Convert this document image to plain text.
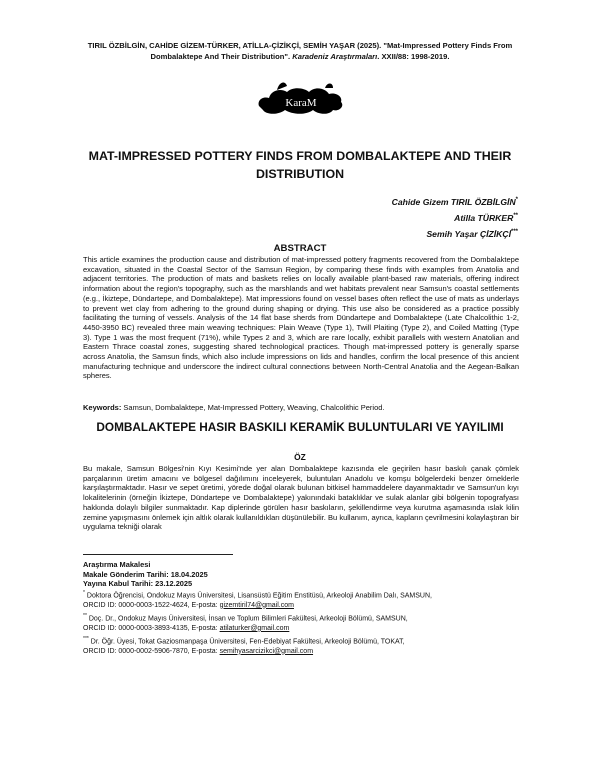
TIRIL ÖZBİLGİN, CAHİDE GİZEM-TÜRKER, ATİLLA-ÇİZİKÇİ, SEMİH YAŞAR (2025). "Mat-Impressed Pottery Finds From Dombalaktepe And Their Distribution". Karadeniz Araştırmaları. XXII/88: 1998-2019.
KaraM
MAT-IMPRESSED POTTERY FINDS FROM DOMBALAKTEPE AND THEIR DISTRIBUTION
Cahide Gizem TIRIL ÖZBİLGİN*
Atilla TÜRKER**
Semih Yaşar ÇİZİKÇİ***
ABSTRACT
This article examines the production cause and distribution of mat-impressed pottery fragments recovered from the Dombalaktepe excavation, situated in the Coastal Sector of the Samsun Region, by comparing these finds with examples from Anatolia and adjacent territories. The production of mats and baskets relies on locally available plant-based raw materials, offering indirect information about the region's topography, such as the marshlands and wet habitats prevalent near Samsun's coastal settlements (e.g., İkiztepe, Dündartepe, and Dombalaktepe). Mat impressions found on vessel bases often reflect the use of mats as underlays to prevent wet clay from adhering to the ground during shaping or drying. This use also be considered as a practice possibly facilitating the turning of vessels. Analysis of the 14 flat base sherds from Dündartepe and Dombalaktepe (Late Chalcolithic 1-2, 4450-3950 BC) revealed three main weaving techniques: Plain Weave (Type 1), Twill Plaiting (Type 2), and Coiled Matting (Type 3). Type 1 was the most frequent (71%), while Types 2 and 3, which are rare locally, exhibit parallels with western Anatolian and Eastern Thrace coastal zones, suggesting shared technological practices. Though mat-impressed pottery is generally sparse across Anatolia, the Samsun finds, which also include impressions on lids and handles, confirm the local presence of this ancient manufacturing technique and underscore the indirect cultural connections between North-Central Anatolia and the Aegean-Balkan spheres.
Keywords: Samsun, Dombalaktepe, Mat-Impressed Pottery, Weaving, Chalcolithic Period.
DOMBALAKTEPE HASIR BASKILI KERAMİK BULUNTULARI VE YAYILIMI
ÖZ
Bu makale, Samsun Bölgesi'nin Kıyı Kesimi'nde yer alan Dombalaktepe kazısında ele geçirilen hasır baskılı çanak çömlek parçalarının üretim amacını ve bölgesel dağılımını inceleyerek, buluntuları Anadolu ve komşu bölgelerdeki benzer örneklerle karşılaştırmaktadır. Hasır ve sepet üretimi, yörede doğal olarak bulunan bitkisel hammaddelere dayanmaktadır ve Samsun'un kıyı lokalitelerinin (örneğin İkiztepe, Dündartepe ve Dombalaktepe) yakınındaki bataklıklar ve sulak alanlar gibi bölgenin topografyası hakkında dolaylı bilgiler sunmaktadır. Kap diplerinde görülen hasır baskıların, şekillendirme veya kurutma aşamasında ıslak kilin zemine yapışmasını önlemek için altlık olarak kullanıldıkları düşünülebilir. Bu kullanım, ayrıca, kapların çevrilmesini kolaylaştıran bir uygulama tekniği olarak
Araştırma Makalesi
Makale Gönderim Tarihi: 18.04.2025
Yayına Kabul Tarihi: 23.12.2025
* Doktora Öğrencisi, Ondokuz Mayıs Üniversitesi, Lisansüstü Eğitim Enstitüsü, Arkeoloji Anabilim Dalı, SAMSUN,
ORCID ID: 0000-0003-1522-4624, E-posta: gizemtiril74@gmail.com
** Doç. Dr., Ondokuz Mayıs Üniversitesi, İnsan ve Toplum Bilimleri Fakültesi, Arkeoloji Bölümü, SAMSUN,
ORCID ID: 0000-0003-3893-4135, E-posta: atilaturker@gmail.com
*** Dr. Öğr. Üyesi, Tokat Gaziosmanpaşa Üniversitesi, Fen-Edebiyat Fakültesi, Arkeoloji Bölümü, TOKAT,
ORCID ID: 0000-0002-5906-7870, E-posta: semihyasarcizikci@gmail.com
